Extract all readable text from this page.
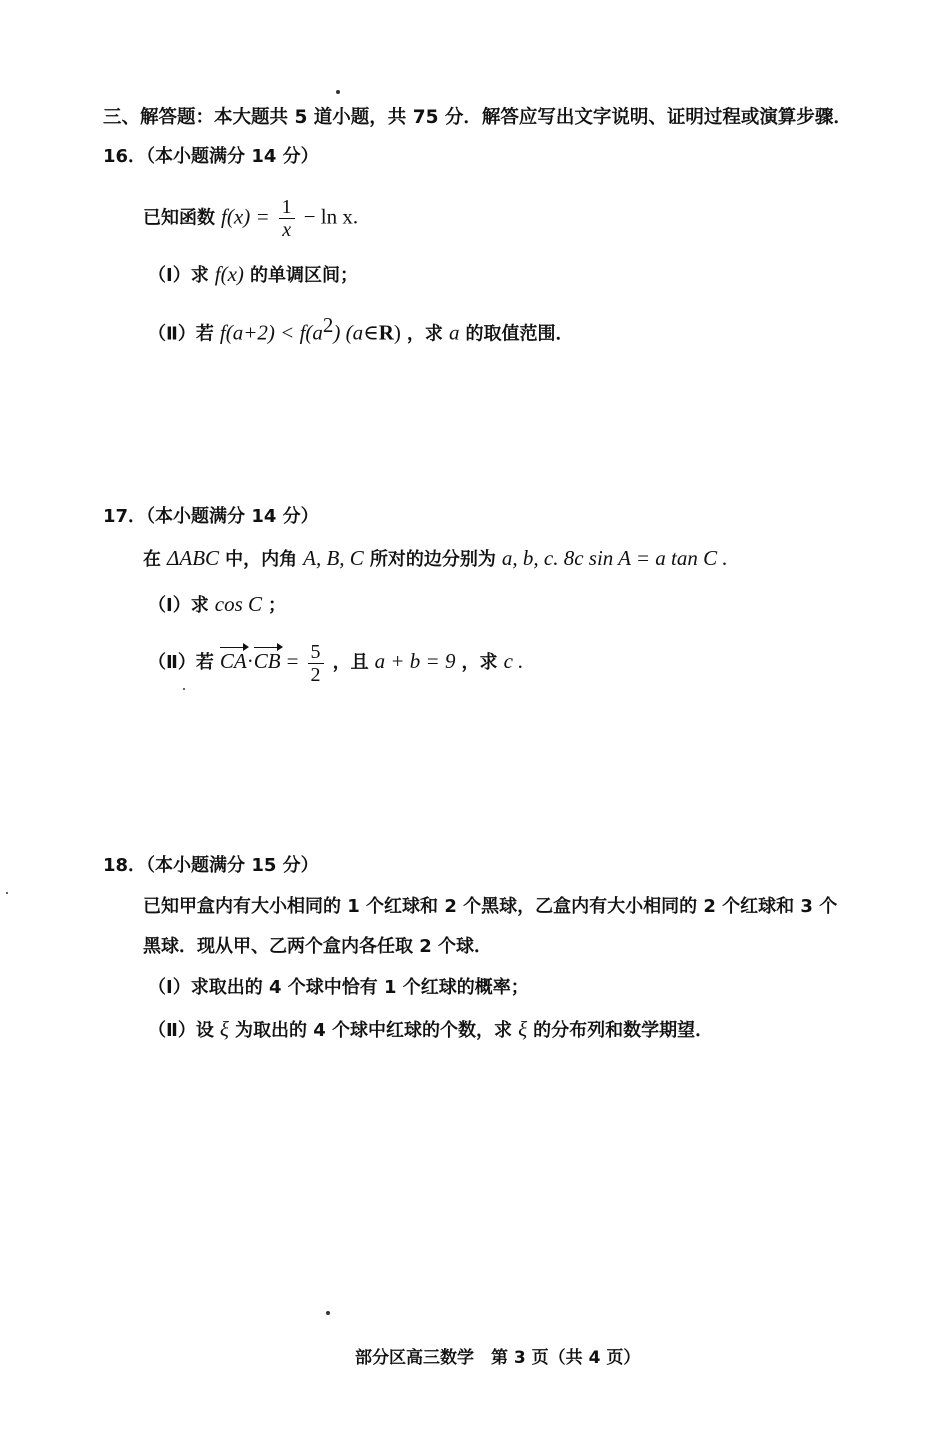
三、解答题：本大题共 5 道小题，共 75 分．解答应写出文字说明、证明过程或演算步骤．
16．（本小题满分 14 分）
已知函数 $f(x) = \frac{1}{x} - \ln x$.
（Ⅰ）求 f(x) 的单调区间；
（Ⅱ）若 $f(a+2) < f(a^2)$ (a∈R) ，求 a 的取值范围．
17．（本小题满分 14 分）
在 ΔABC 中，内角 A, B, C 所对的边分别为 a, b, c. 8c sin A = a tan C .
（Ⅰ）求 cos C ；
（Ⅱ）若 $CA\cdot CB = \frac{5}{2}$ ，且 a + b = 9 ，求 c .
18．（本小题满分 15 分）
已知甲盒内有大小相同的 1 个红球和 2 个黑球，乙盒内有大小相同的 2 个红球和 3 个
黑球．现从甲、乙两个盒内各任取 2 个球．
（Ⅰ）求取出的 4 个球中恰有 1 个红球的概率；
（Ⅱ）设 ξ 为取出的 4 个球中红球的个数，求 ξ 的分布列和数学期望．
部分区高三数学　第 3 页（共 4 页）
